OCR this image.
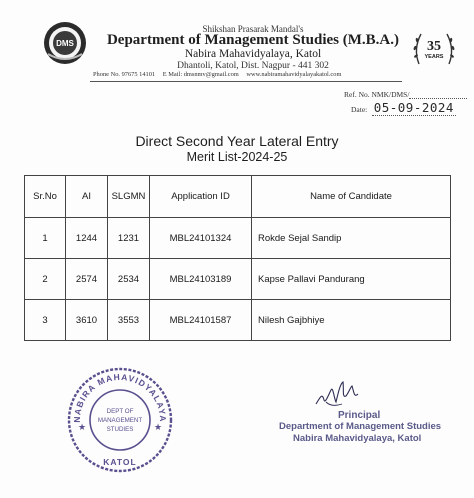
DMS
Shikshan Prasarak Mandal's
Department of Management Studies (M.B.A.)
Nabira Mahavidyalaya, Katol
Dhantoli, Katol, Dist. Nagpur - 441 302
Phone No. 97675 14101 E Mail: dmsnmv@gmail.com www.nabiramahavidyalayakatol.com
35
YEARS
Ref. No. NMK/DMS/
Date: 05-09-2024
Direct Second Year Lateral Entry
Merit List-2024-25
Sr.No	AI	SLGMN	Application ID	Name of Candidate
1	1244	1231	MBL24101324	Rokde Sejal Sandip
2	2574	2534	MBL24103189	Kapse Pallavi Pandurang
3	3610	3553	MBL24101587	Nilesh Gajbhiye
NABIRA MAHAVIDYALAYA
KATOL
★	★
DEPT OF
MANAGEMENT
STUDIES
Principal
Department of Management Studies
Nabira Mahavidyalaya, Katol
